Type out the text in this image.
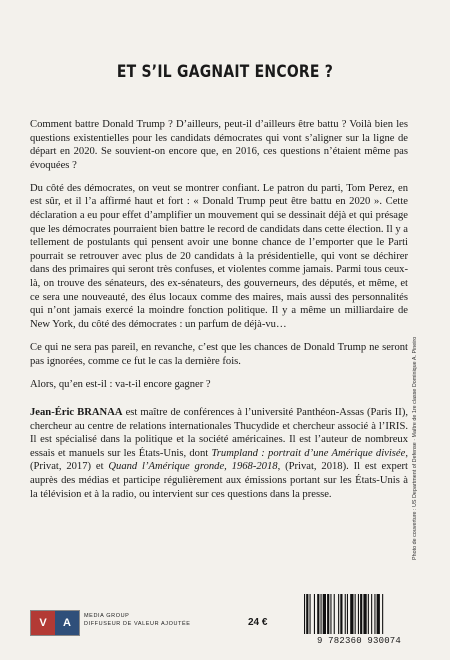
ET S’IL GAGNAIT ENCORE ?

Comment battre Donald Trump ? D’ailleurs, peut-il d’ailleurs être battu ? Voilà bien les questions existentielles pour les candidats démocrates qui vont s’aligner sur la ligne de départ en 2020. Se souvient-on encore que, en 2016, ces questions n’étaient même pas évoquées ?

Du côté des démocrates, on veut se montrer confiant. Le patron du parti, Tom Perez, en est sûr, et il l’a affirmé haut et fort : « Donald Trump peut être battu en 2020 ». Cette déclaration a eu pour effet d’amplifier un mouvement qui se dessinait déjà et qui présage que les démocrates pourraient bien battre le record de candidats dans cette élection. Il y a tellement de postulants qui pensent avoir une bonne chance de l’emporter que le Parti pourrait se retrouver avec plus de 20 candidats à la présidentielle, qui vont se déchirer dans des primaires qui seront très confuses, et violentes comme jamais. Parmi tous ceux-là, on trouve des sénateurs, des ex-sénateurs, des gouverneurs, des députés, et même, et ce sera une nouveauté, des élus locaux comme des maires, mais aussi des personnalités qui n’ont jamais exercé la moindre fonction politique. Il y a même un milliardaire de New York, du côté des démocrates : un parfum de déjà-vu…

Ce qui ne sera pas pareil, en revanche, c’est que les chances de Donald Trump ne seront pas ignorées, comme ce fut le cas la dernière fois.

Alors, qu’en est-il : va-t-il encore gagner ?

Jean-Éric BRANAA est maître de conférences à l’université Panthéon-Assas (Paris II), chercheur au centre de relations internationales Thucydide et chercheur associé à l’IRIS. Il est spécialisé dans la politique et la société américaines. Il est l’auteur de nombreux essais et manuels sur les États-Unis, dont Trumpland : portrait d’une Amérique divisée, (Privat, 2017) et Quand l’Amérique gronde, 1968-2018, (Privat, 2018). Il est expert auprès des médias et participe régulièrement aux émissions portant sur les États-Unis à la télévision et à la radio, ou intervient sur ces questions dans la presse.	Photo de couverture : US Department of Defense · Maître de 1re classe Dominique A. Pineiro
V	A
MEDIA GROUP
DIFFUSEUR DE VALEUR AJOUTÉE	24 €
9 782360 930074
